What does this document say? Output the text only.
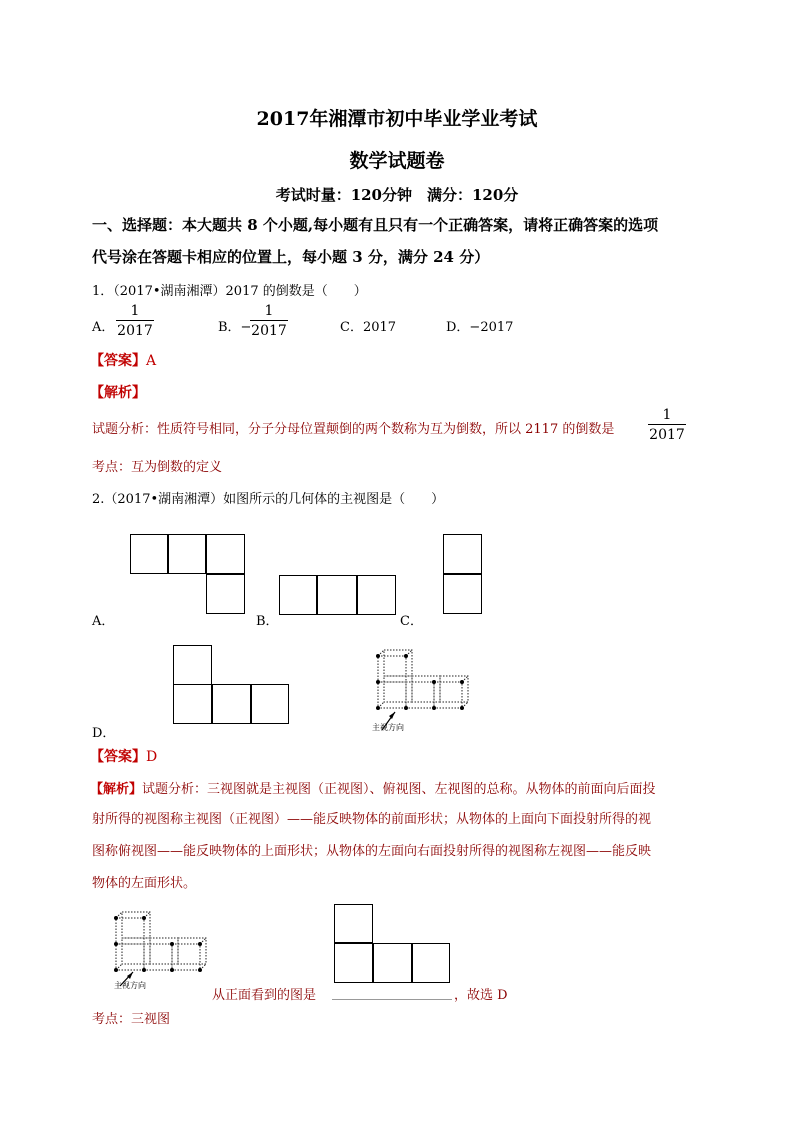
2017年湘潭市初中毕业学业考试
数学试题卷
考试时量：120分钟　满分：120分
一、选择题：本大题共 8 个小题,每小题有且只有一个正确答案，请将正确答案的选项
代号涂在答题卡相应的位置上，每小题 3 分，满分 24 分）
1．（2017•湖南湘潭）2017 的倒数是（　　）
A．
1
2017	B．−
1
2017	C．2017	D．−2017
【答案】A
【解析】
试题分析：性质符号相同，分子分母位置颠倒的两个数称为互为倒数，所以 2117 的倒数是
1
2017
考点：互为倒数的定义
2.（2017•湖南湘潭）如图所示的几何体的主视图是（　　）
A．	B．	C．
D．	主视方向
【答案】D
【解析】试题分析：三视图就是主视图（正视图）、俯视图、左视图的总称。从物体的前面向后面投
射所得的视图称主视图（正视图）——能反映物体的前面形状；从物体的上面向下面投射所得的视
图称俯视图——能反映物体的上面形状；从物体的左面向右面投射所得的视图称左视图——能反映
物体的左面形状。
主视方向
从正面看到的图是	，故选 D
考点：三视图
